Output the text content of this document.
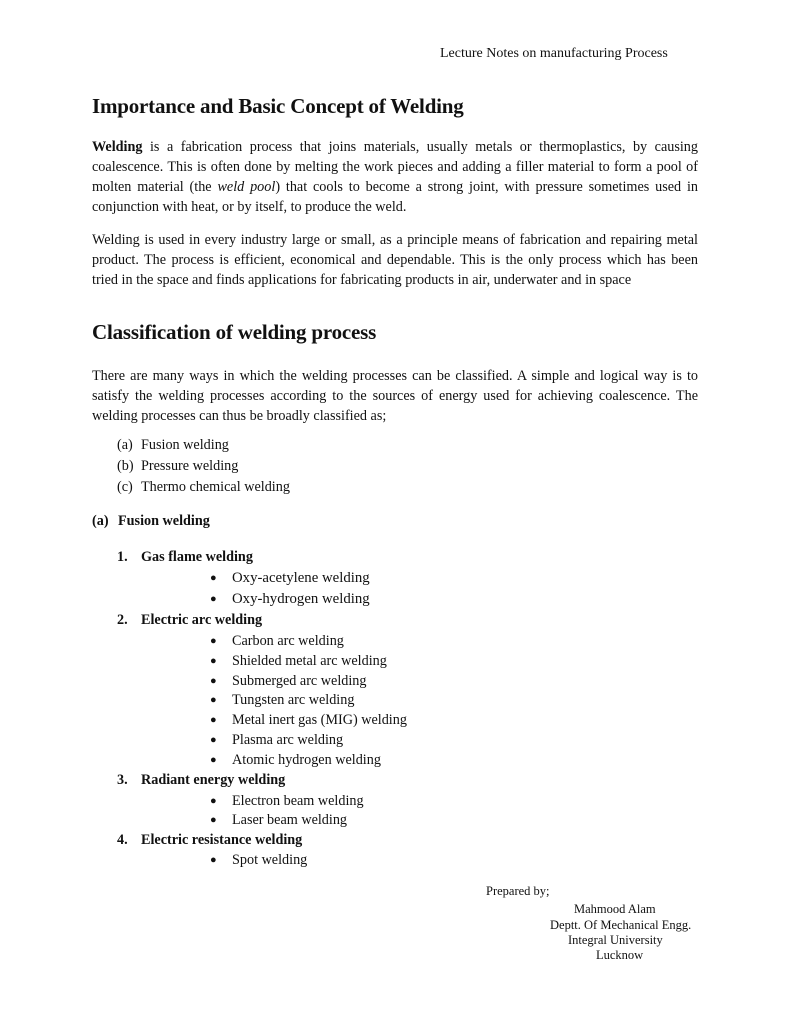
Lecture Notes on manufacturing Process
Importance and Basic Concept of Welding
Welding is a fabrication process that joins materials, usually metals or thermoplastics, by causing coalescence. This is often done by melting the work pieces and adding a filler material to form a pool of molten material (the weld pool) that cools to become a strong joint, with pressure sometimes used in conjunction with heat, or by itself, to produce the weld.
Welding is used in every industry large or small, as a principle means of fabrication and repairing metal product. The process is efficient, economical and dependable. This is the only process which has been tried in the space and finds applications for fabricating products in air, underwater and in space
Classification of welding process
There are many ways in which the welding processes can be classified. A simple and logical way is to satisfy the welding processes according to the sources of energy used for achieving coalescence. The welding processes can thus be broadly classified as;
(a) Fusion welding
(b) Pressure welding
(c) Thermo chemical welding
(a) Fusion welding
1. Gas flame welding
● Oxy-acetylene welding
● Oxy-hydrogen welding
2. Electric arc welding
● Carbon arc welding
● Shielded metal arc welding
● Submerged arc welding
● Tungsten arc welding
● Metal inert gas (MIG) welding
● Plasma arc welding
● Atomic hydrogen welding
3. Radiant energy welding
● Electron beam welding
● Laser beam welding
4. Electric resistance welding
● Spot welding
Prepared by;
Mahmood Alam
Deptt. Of Mechanical Engg.
Integral University
Lucknow
